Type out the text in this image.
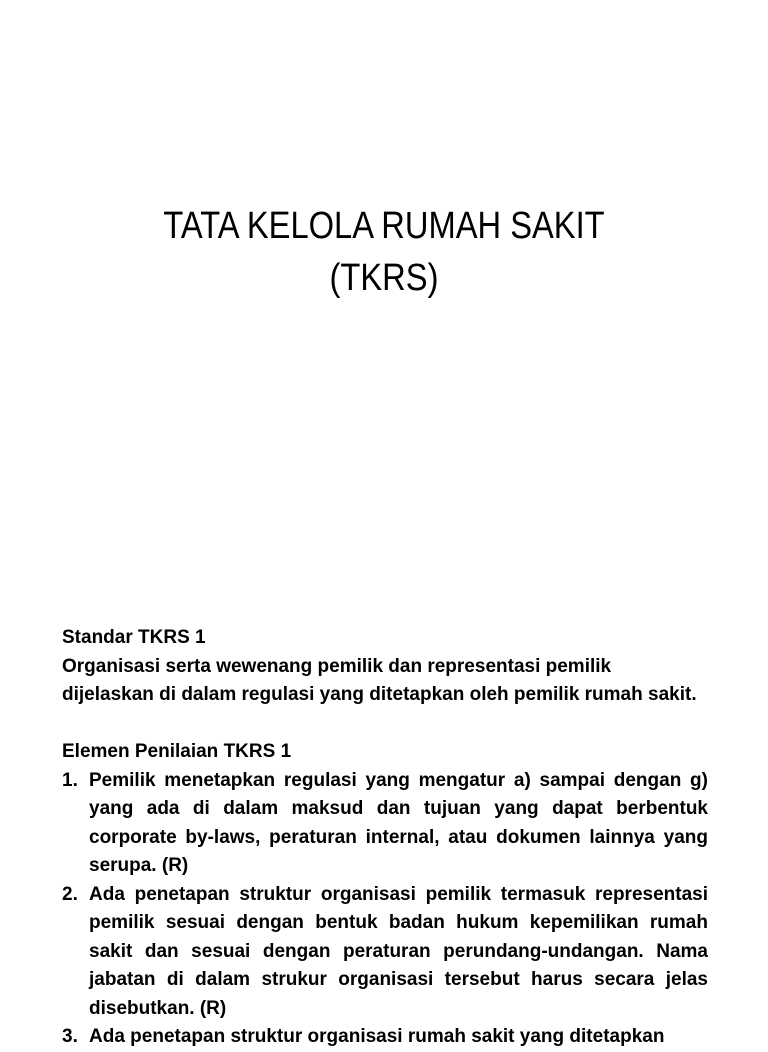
TATA KELOLA RUMAH SAKIT
(TKRS)
Standar TKRS 1
Organisasi serta wewenang pemilik dan representasi pemilik
dijelaskan di dalam regulasi yang ditetapkan oleh pemilik rumah sakit.
Elemen Penilaian TKRS 1
1. Pemilik menetapkan regulasi yang mengatur a) sampai dengan g) yang ada di dalam maksud dan tujuan yang dapat berbentuk corporate by-laws, peraturan internal, atau dokumen lainnya yang serupa. (R)
2. Ada penetapan struktur organisasi pemilik termasuk representasi pemilik sesuai dengan bentuk badan hukum kepemilikan rumah sakit dan sesuai dengan peraturan perundang-undangan. Nama jabatan di dalam strukur organisasi tersebut harus secara jelas disebutkan. (R)
3. Ada penetapan struktur organisasi rumah sakit yang ditetapkan
